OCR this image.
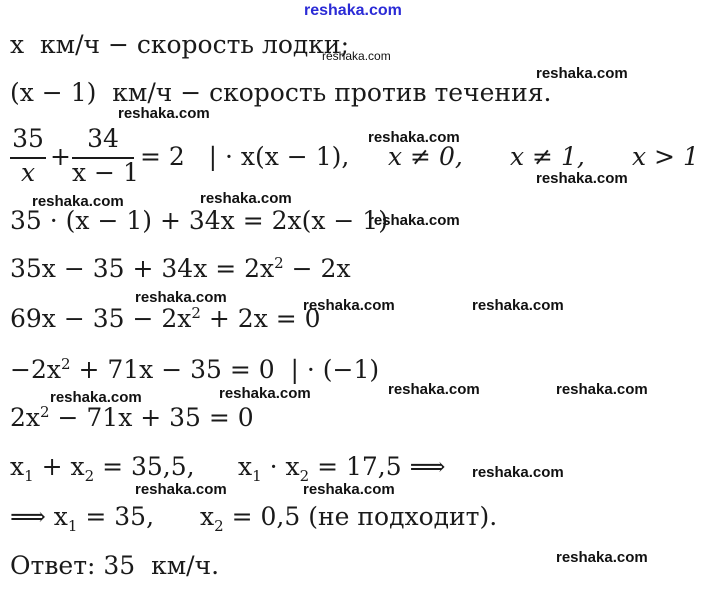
reshaka.com
reshaka.com
reshaka.com
reshaka.com
reshaka.com
reshaka.com
reshaka.com	reshaka.com
reshaka.com
reshaka.com	reshaka.com	reshaka.com
reshaka.com	reshaka.com	reshaka.com	reshaka.com
reshaka.com
reshaka.com	reshaka.com
reshaka.com
x  км/ч − скорость лодки;
(x − 1)  км/ч − скорость против течения.
35
x
+
34
x − 1
= 2   | · x(x − 1), x ≠ 0, x ≠ 1, x > 1
35 · (x − 1) + 34x = 2x(x − 1)
$35x - 35 + 34x = 2x^2 - 2x$
$69x - 35 - 2x^2 + 2x = 0$
$-2x^2 + 71x - 35 = 0$  | · (−1)
$2x^2 - 71x + 35 = 0$
$x_1 + x_2 = 35,5$, $x_1 \cdot x_2 = 17,5$ ⟹
⟹ $x_1 = 35$, $x_2 = 0,5$ (не подходит).
Ответ: 35  км/ч.
